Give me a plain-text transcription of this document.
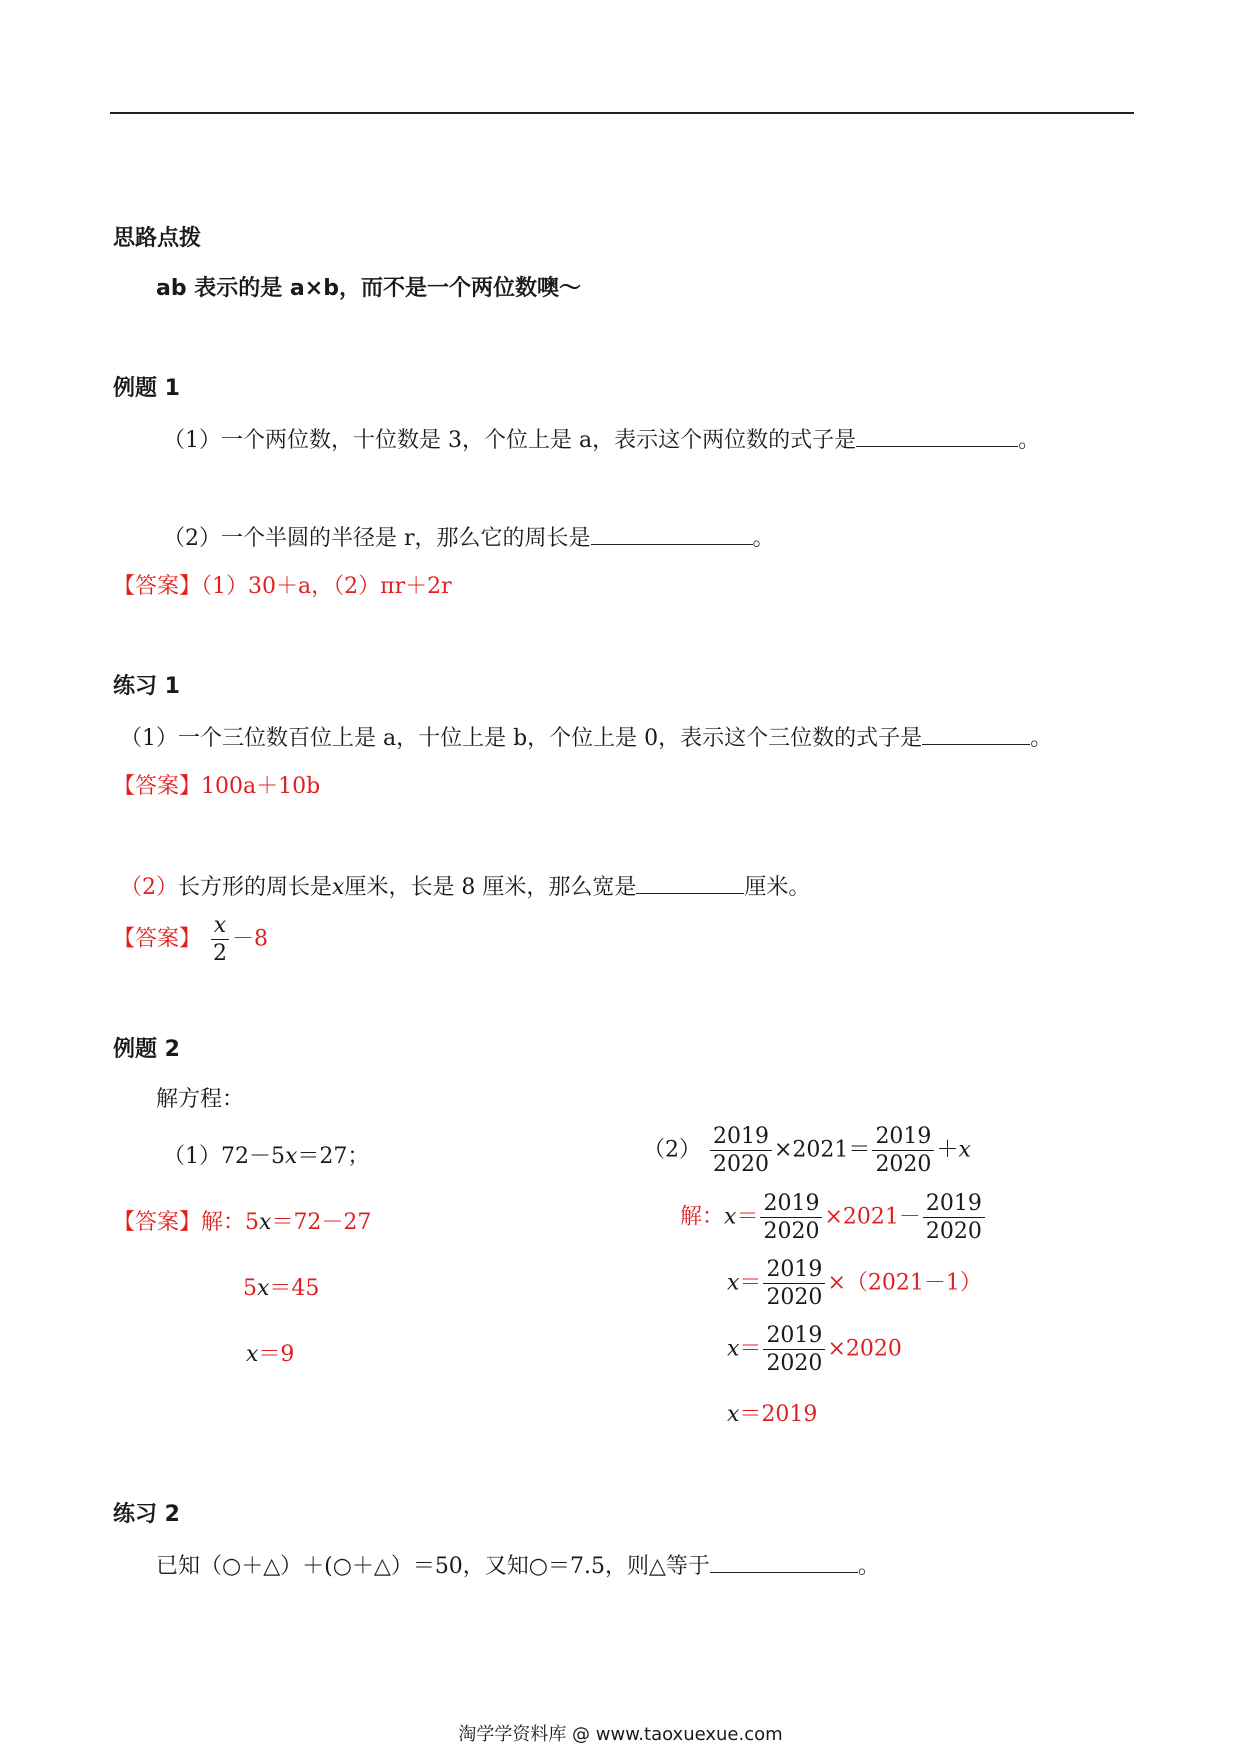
思路点拨
ab 表示的是 a×b，而不是一个两位数噢～
例题 1
（1）一个两位数，十位数是 3，个位上是 a，表示这个两位数的式子是	。
（2）一个半圆的半径是 r，那么它的周长是	。
【答案】（1）30＋a，（2）πr＋2r
练习 1
（1）一个三位数百位上是 a，十位上是 b，个位上是 0，表示这个三位数的式子是	。
【答案】100a＋10b
（2）长方形的周长是x厘米，长是 8 厘米，那么宽是	厘米。
【答案】 $\frac{x}{2} -8$
例题 2
解方程：
（1）72－5x＝27；	$(2) \frac{2019}{2020} \times 2021= \frac{2019}{2020} +x$
【答案】解：5x＝72－27
5x＝45
x＝9
解：$x= \frac{2019}{2020} \times 2021- \frac{2019}{2020}$
$x= \frac{2019}{2020} \times(2021-1)$
$x= \frac{2019}{2020} \times 2020$
x＝2019
练习 2
已知（○＋△）＋(○＋△）＝50，又知○＝7.5，则△等于	。
淘学学资料库 @ www.taoxuexue.com
